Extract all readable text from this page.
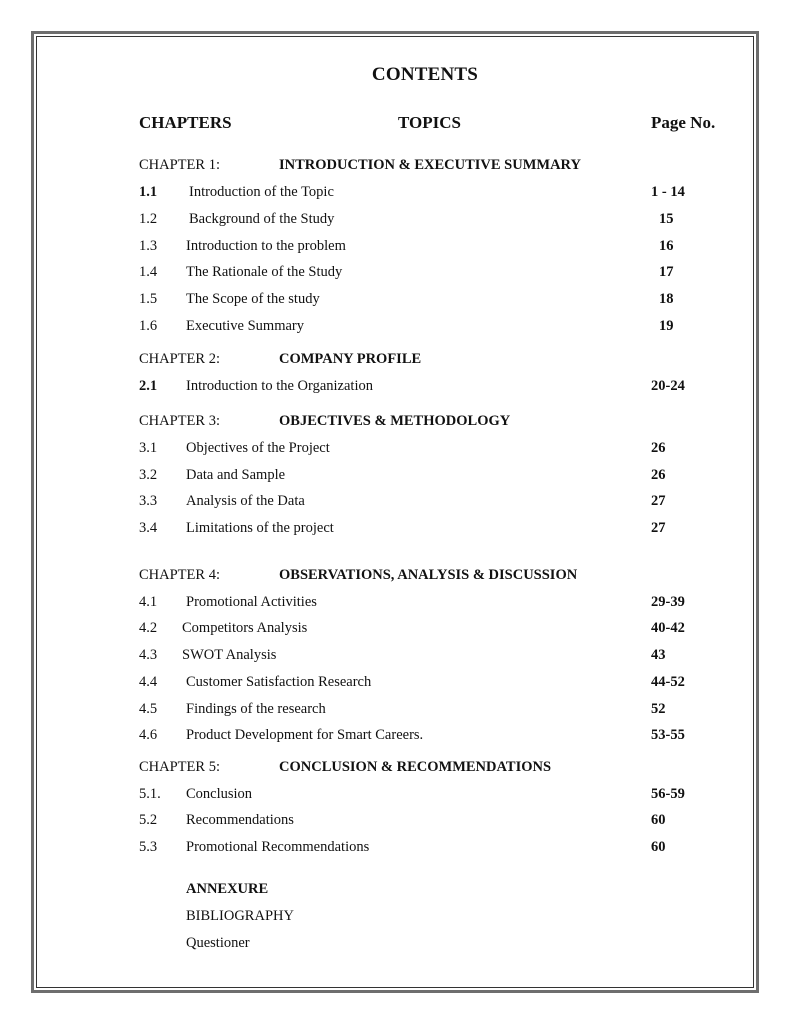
CONTENTS
CHAPTERS	TOPICS	Page No.
CHAPTER 1:	INTRODUCTION & EXECUTIVE SUMMARY
1.1 Introduction of the Topic	1 - 14
1.2 Background of the Study	15
1.3 Introduction to the problem	16
1.4 The Rationale of the Study	17
1.5 The Scope of the study	18
1.6 Executive Summary	19
CHAPTER 2:	COMPANY PROFILE
2.1 Introduction to the Organization	20-24
CHAPTER 3:	OBJECTIVES & METHODOLOGY
3.1 Objectives of the Project	26
3.2 Data and Sample	26
3.3 Analysis of the Data	27
3.4 Limitations of the project	27
CHAPTER 4:	OBSERVATIONS, ANALYSIS & DISCUSSION
4.1 Promotional Activities	29-39
4.2 Competitors Analysis	40-42
4.3 SWOT Analysis	43
4.4 Customer Satisfaction Research	44-52
4.5 Findings of the research	52
4.6 Product Development for Smart Careers.	53-55
CHAPTER 5:	CONCLUSION & RECOMMENDATIONS
5.1. Conclusion	56-59
5.2 Recommendations	60
5.3 Promotional Recommendations	60
ANNEXURE
BIBLIOGRAPHY
Questioner
